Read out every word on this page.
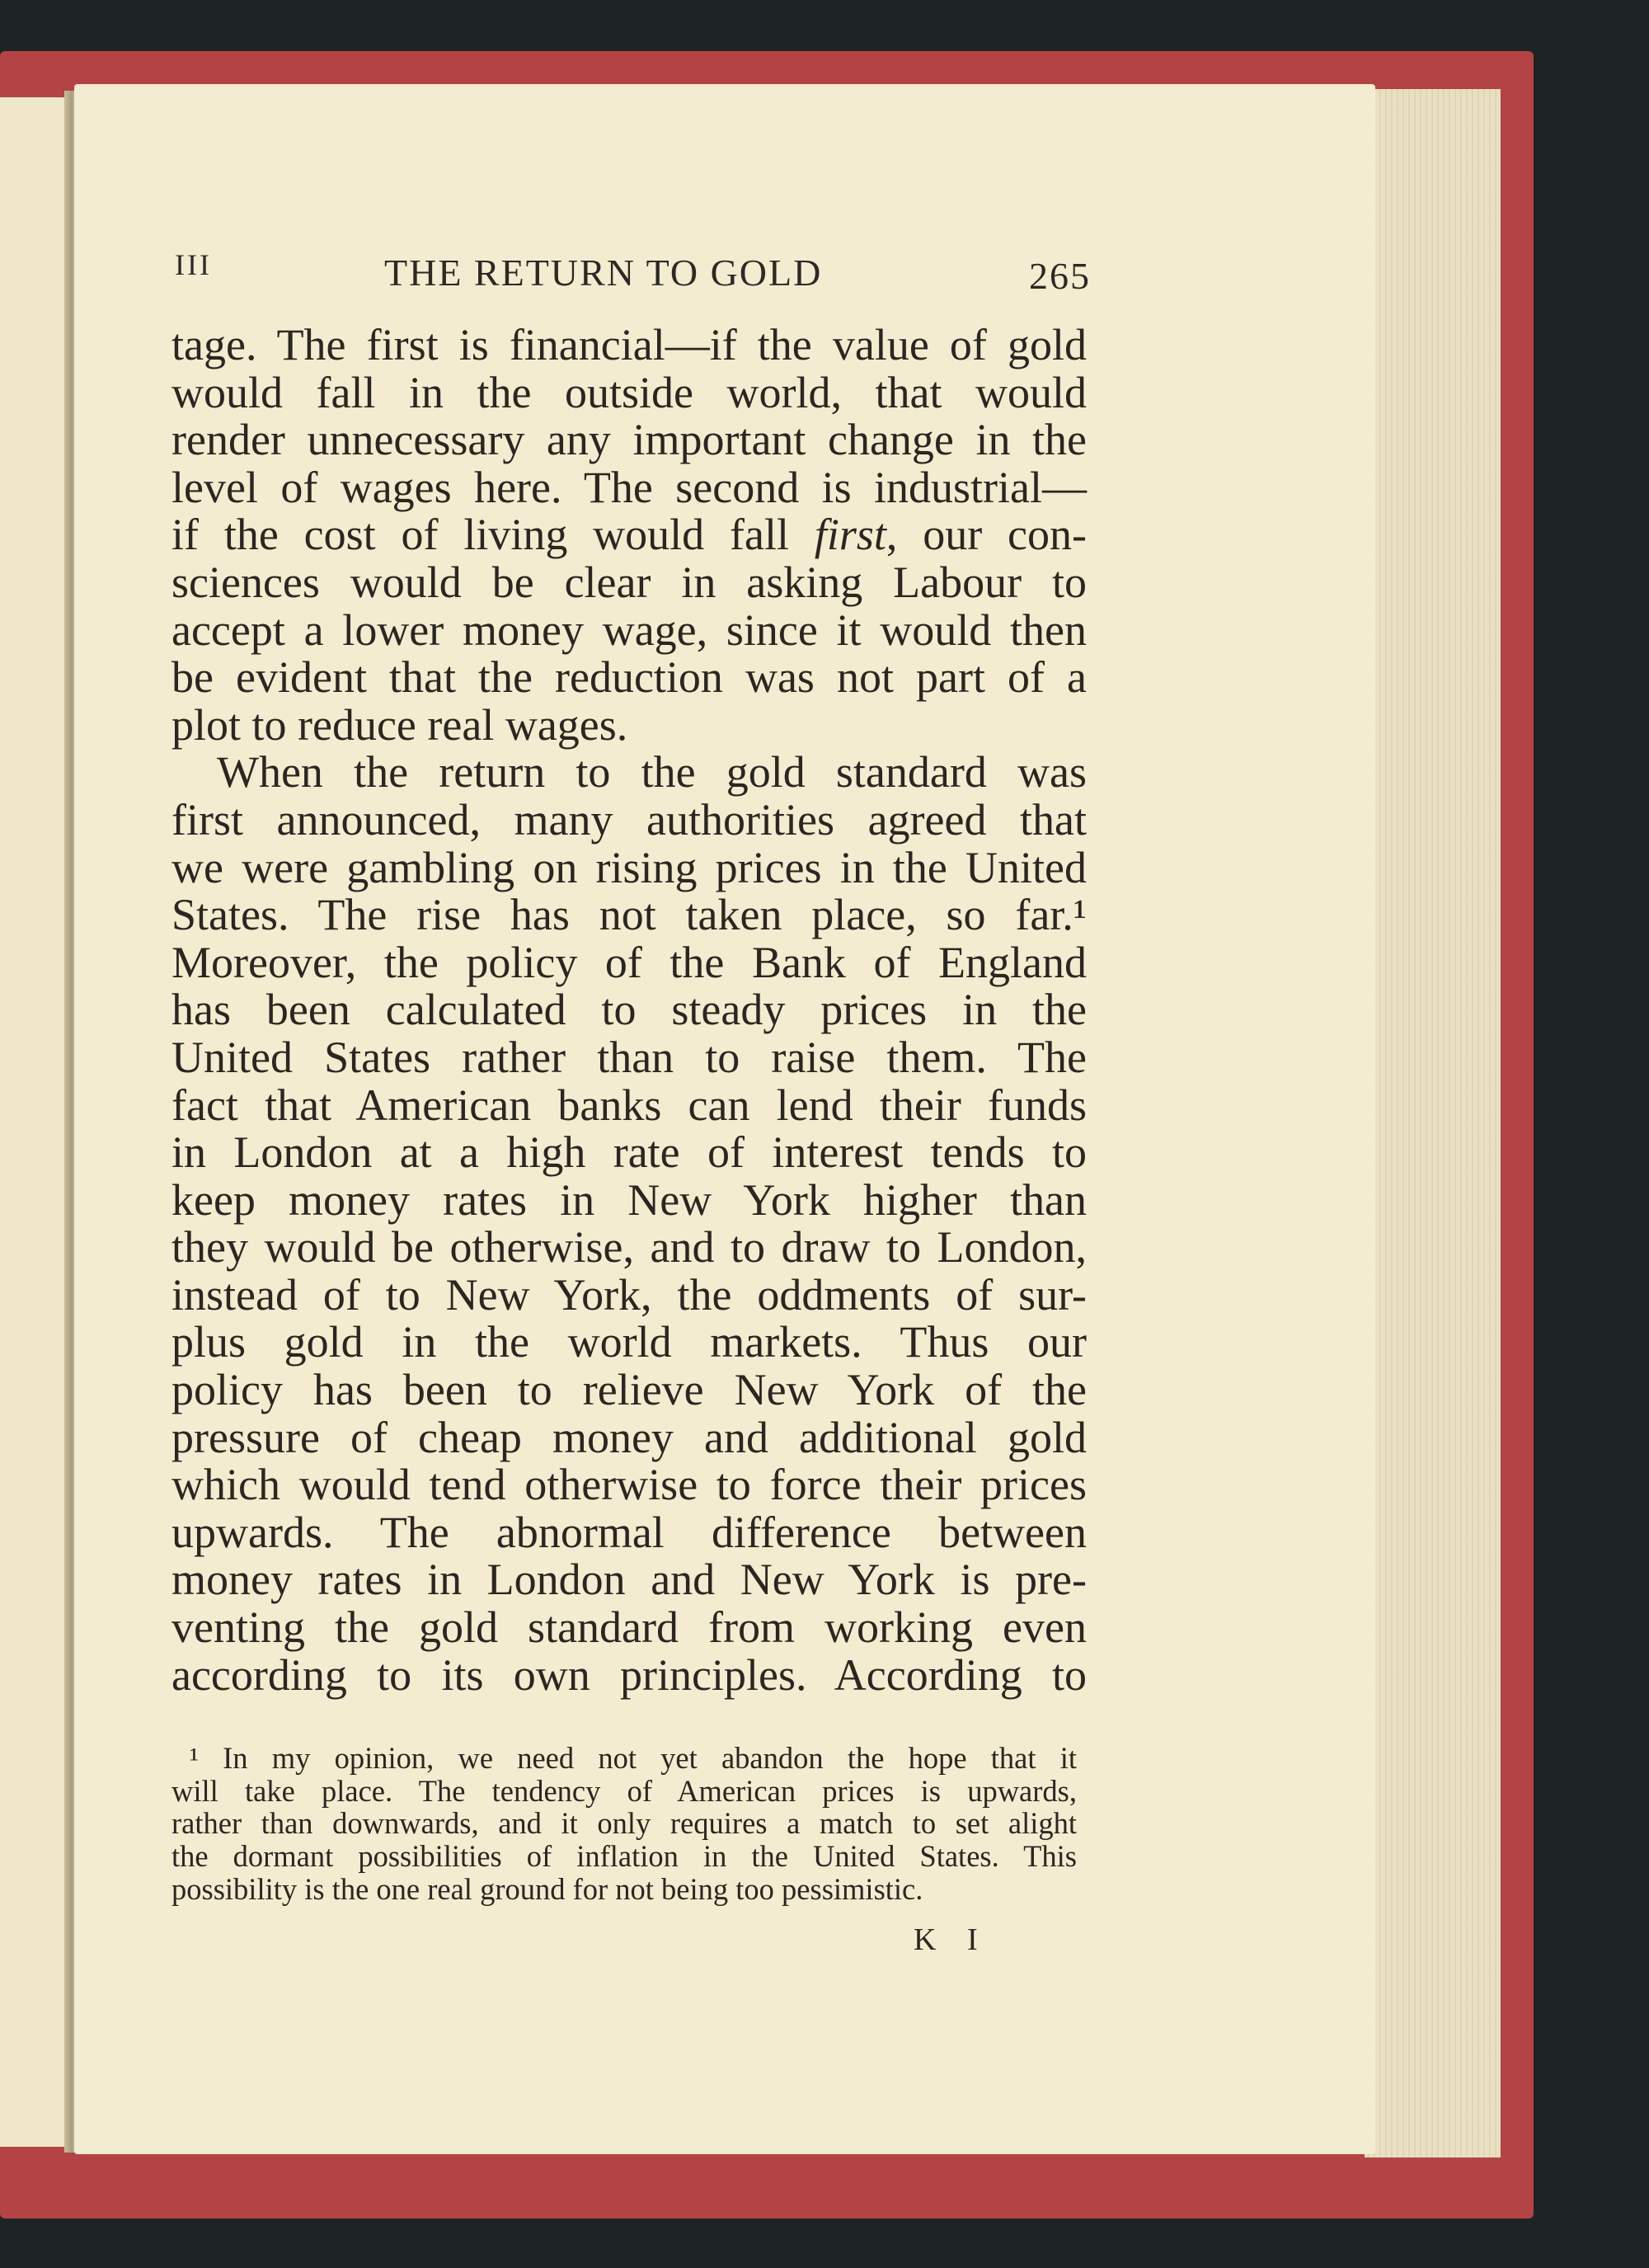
III	THE RETURN TO GOLD	265
tage. The first is financial—if the value of gold
would fall in the outside world, that would
render unnecessary any important change in the
level of wages here. The second is industrial—
if the cost of living would fall first, our con-
sciences would be clear in asking Labour to
accept a lower money wage, since it would then
be evident that the reduction was not part of a
plot to reduce real wages.
When the return to the gold standard was
first announced, many authorities agreed that
we were gambling on rising prices in the United
States. The rise has not taken place, so far.¹
Moreover, the policy of the Bank of England
has been calculated to steady prices in the
United States rather than to raise them. The
fact that American banks can lend their funds
in London at a high rate of interest tends to
keep money rates in New York higher than
they would be otherwise, and to draw to London,
instead of to New York, the oddments of sur-
plus gold in the world markets. Thus our
policy has been to relieve New York of the
pressure of cheap money and additional gold
which would tend otherwise to force their prices
upwards. The abnormal difference between
money rates in London and New York is pre-
venting the gold standard from working even
according to its own principles. According to
¹ In my opinion, we need not yet abandon the hope that it
will take place. The tendency of American prices is upwards,
rather than downwards, and it only requires a match to set alight
the dormant possibilities of inflation in the United States. This
possibility is the one real ground for not being too pessimistic.
K I
